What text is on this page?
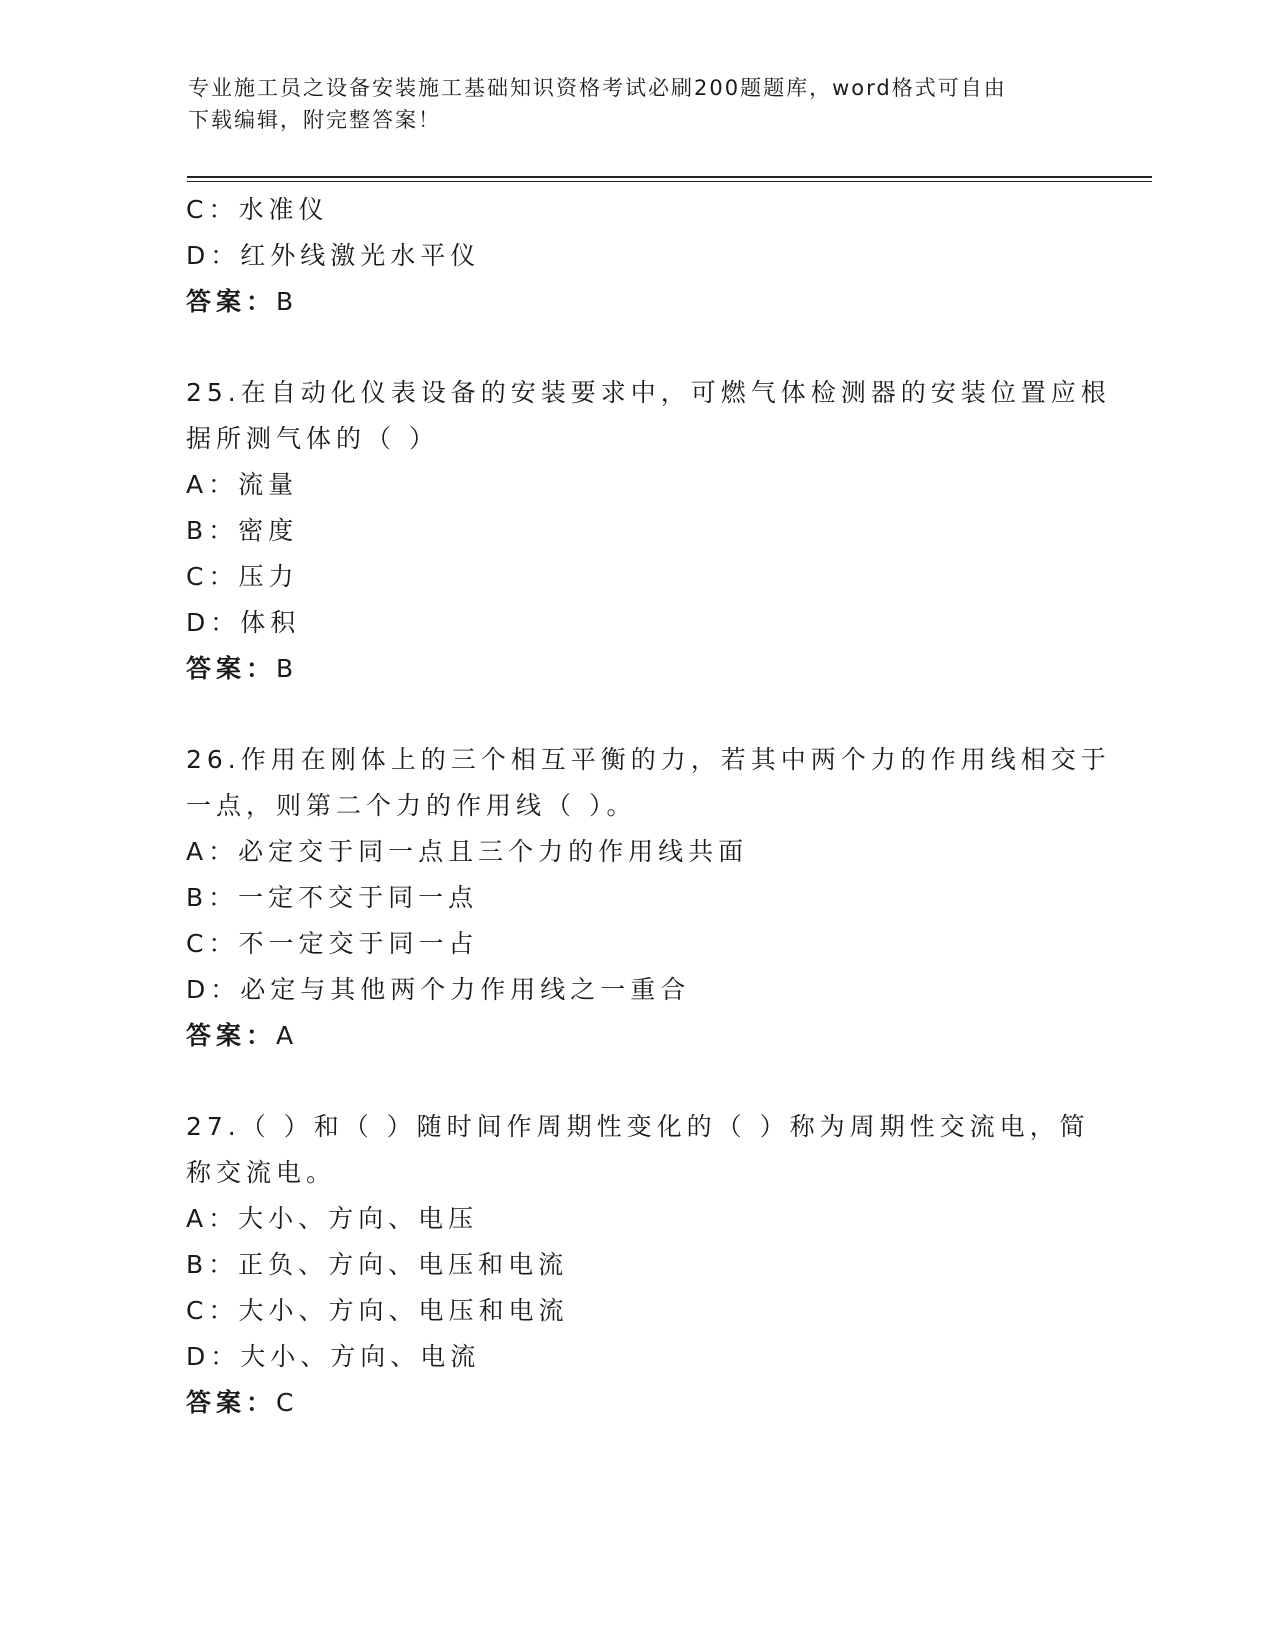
专业施工员之设备安装施工基础知识资格考试必刷200题题库，word格式可自由
下载编辑，附完整答案！
C：水准仪
D：红外线激光水平仪
答案：B
25.在自动化仪表设备的安装要求中，可燃气体检测器的安装位置应根
据所测气体的（ ）
A：流量
B：密度
C：压力
D：体积
答案：B
26.作用在刚体上的三个相互平衡的力，若其中两个力的作用线相交于
一点，则第二个力的作用线（ ）。
A：必定交于同一点且三个力的作用线共面
B：一定不交于同一点
C：不一定交于同一占
D：必定与其他两个力作用线之一重合
答案：A
27.（ ）和（ ）随时间作周期性变化的（ ）称为周期性交流电，简
称交流电。
A：大小、方向、电压
B：正负、方向、电压和电流
C：大小、方向、电压和电流
D：大小、方向、电流
答案：C
